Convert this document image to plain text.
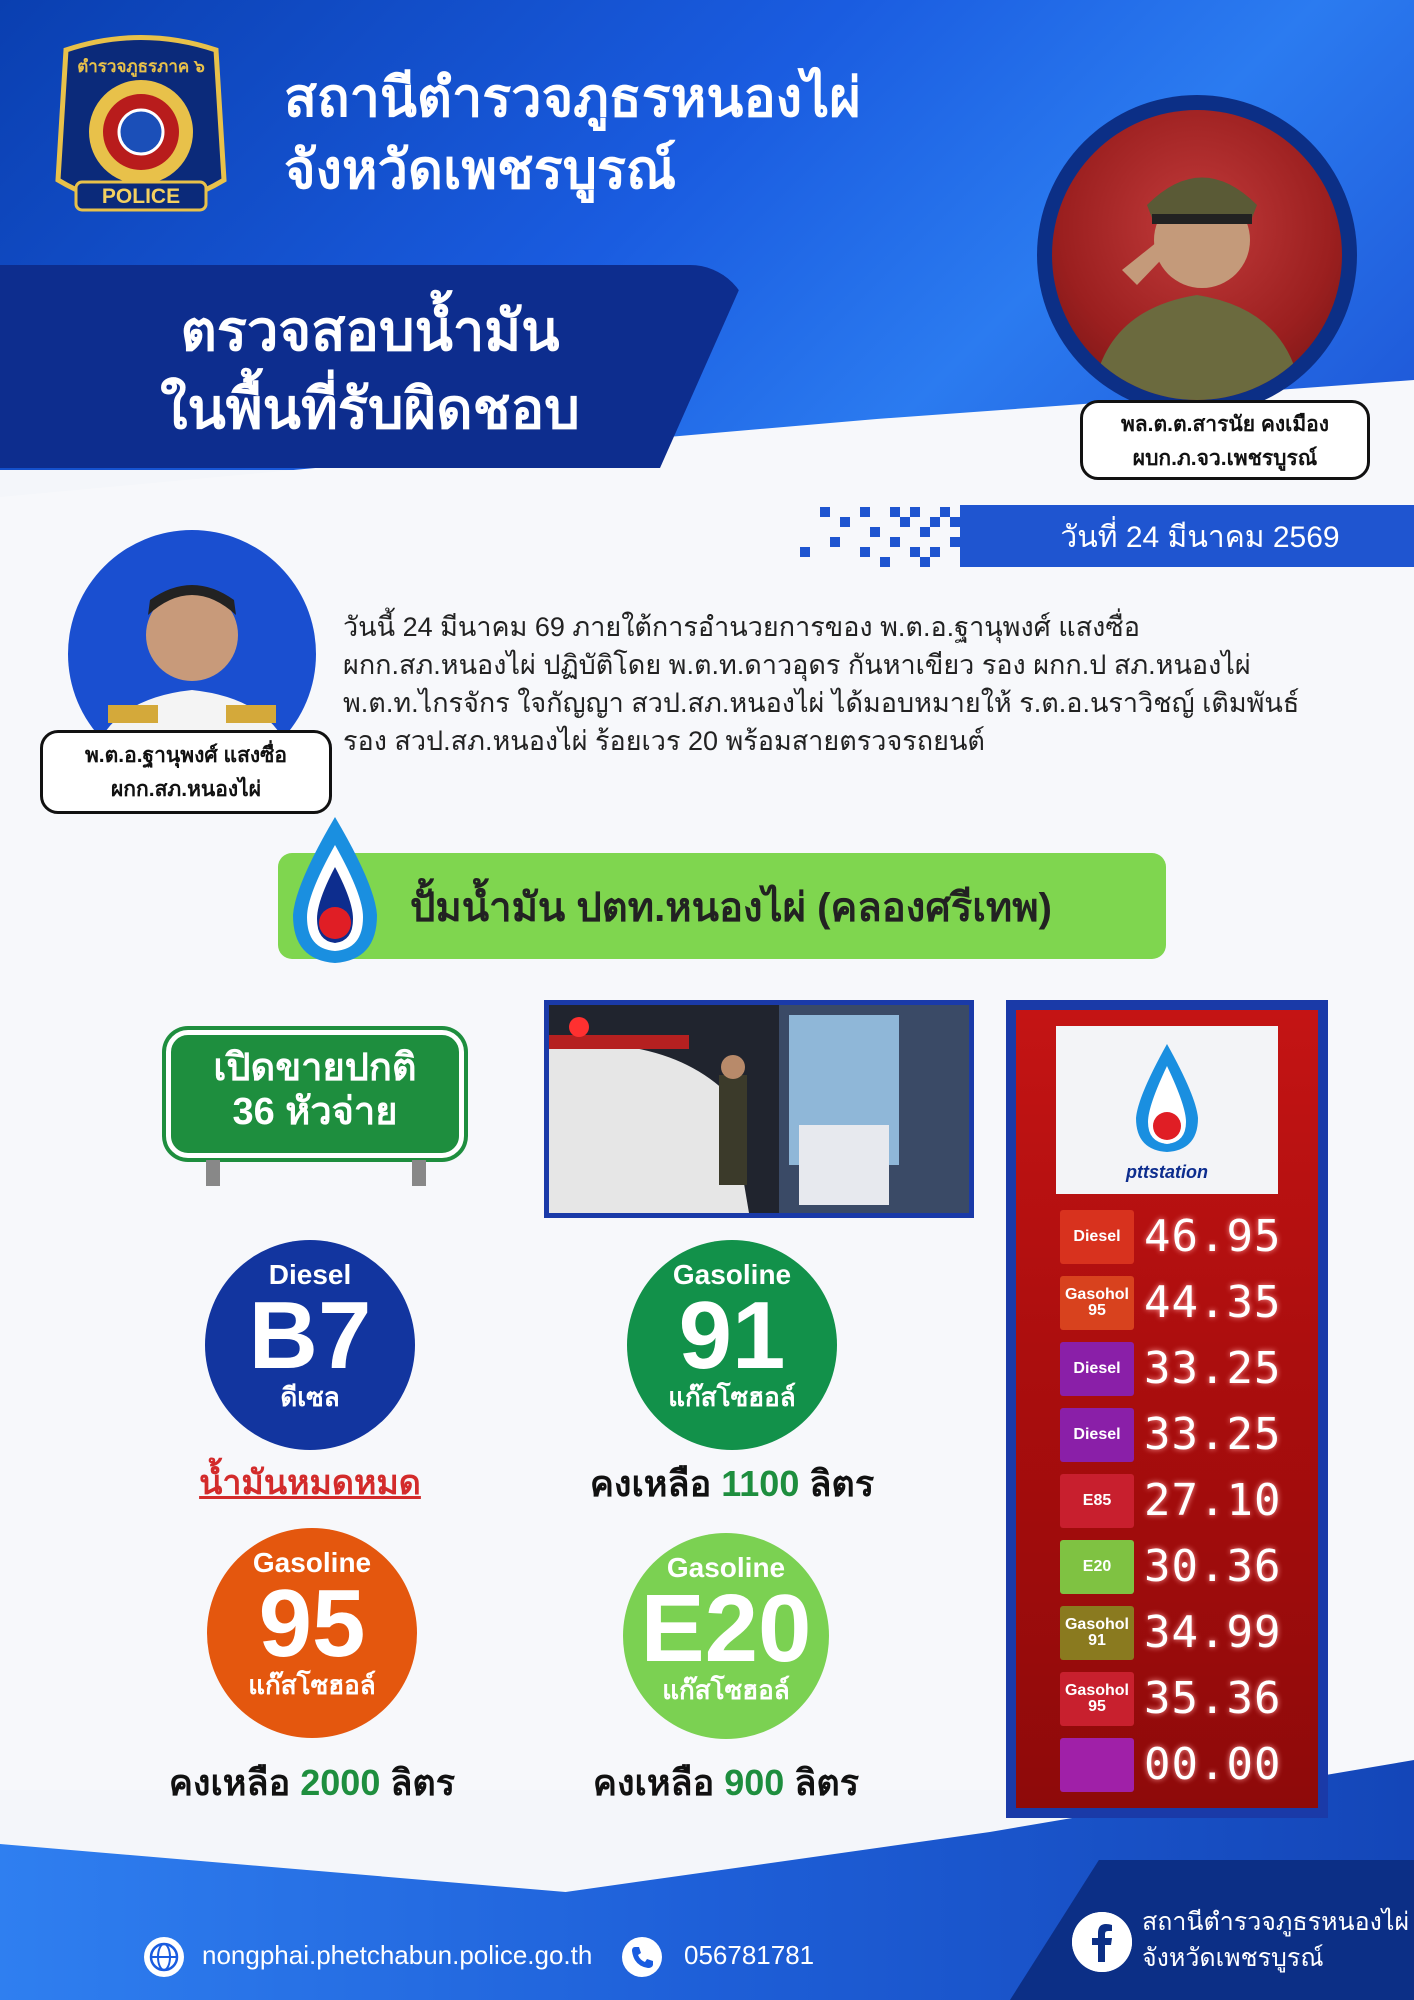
ตำรวจภูธรภาค ๖
POLICE
สถานีตำรวจภูธรหนองไผ่
จังหวัดเพชรบูรณ์
ตรวจสอบน้ำมัน
ในพื้นที่รับผิดชอบ	พล.ต.ต.สารนัย คงเมือง
ผบก.ภ.จว.เพชรบูรณ์
วันที่ 24 มีนาคม 2569
พ.ต.อ.ฐานุพงศ์ แสงซื่อ
ผกก.สภ.หนองไผ่
วันนี้ 24 มีนาคม 69 ภายใต้การอำนวยการของ พ.ต.อ.ฐานุพงศ์ แสงซื่อ
ผกก.สภ.หนองไผ่ ปฏิบัติโดย พ.ต.ท.ดาวอุดร กันหาเขียว รอง ผกก.ป สภ.หนองไผ่
พ.ต.ท.ไกรจักร ใจกัญญา สวป.สภ.หนองไผ่ ได้มอบหมายให้ ร.ต.อ.นราวิชญ์ เติมพันธ์
รอง สวป.สภ.หนองไผ่ ร้อยเวร 20 พร้อมสายตรวจรถยนต์
ปั้มน้ำมัน ปตท.หนองไผ่ (คลองศรีเทพ)
เปิดขายปกติ
36 หัวจ่าย
pttstation
Diesel 46.95
Gasohol 95 44.35
Diesel 33.25
Diesel 33.25
E85 27.10
E20 30.36
Gasohol 91 34.99
Gasohol 95 35.36
00.00
Diesel
B7
ดีเซล
น้ำมันหมดหมด
Gasoline
91
แก๊สโซฮอล์
คงเหลือ 1100 ลิตร
Gasoline
95
แก๊สโซฮอล์
คงเหลือ 2000 ลิตร
Gasoline
E20
แก๊สโซฮอล์
คงเหลือ 900 ลิตร
nongphai.phetchabun.police.go.th	056781781
สถานีตำรวจภูธรหนองไผ่
จังหวัดเพชรบูรณ์
